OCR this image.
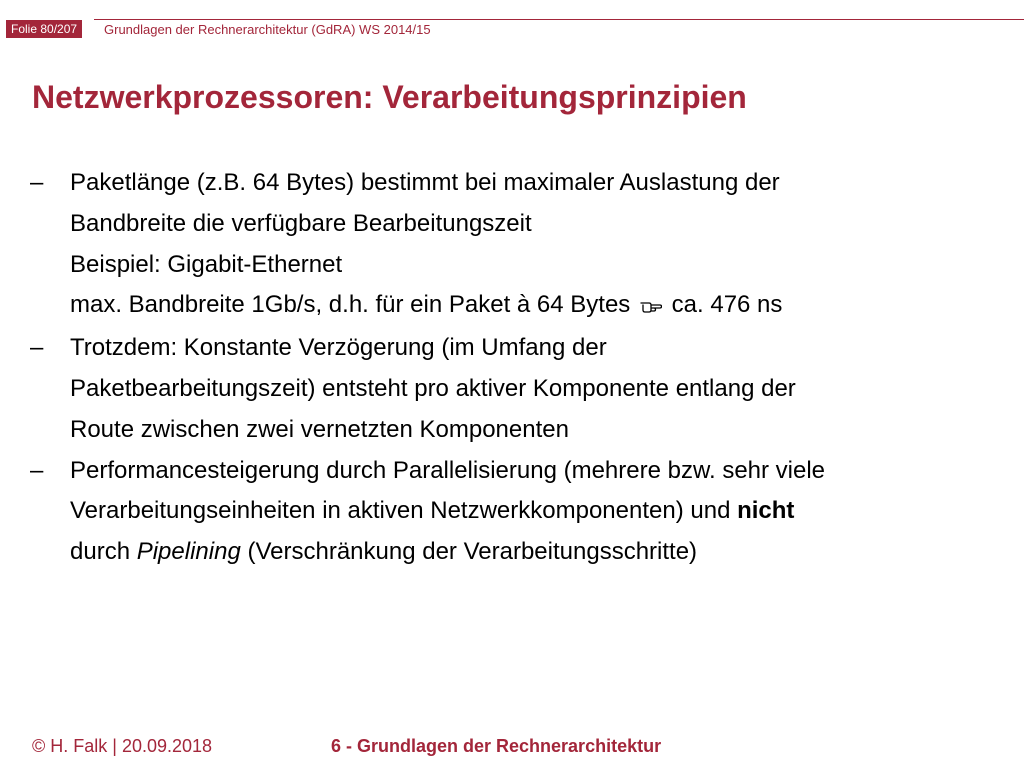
Folie 80/207	Grundlagen der Rechnerarchitektur (GdRA) WS 2014/15
Netzwerkprozessoren: Verarbeitungsprinzipien
– Paketlänge (z.B. 64 Bytes) bestimmt bei maximaler Auslastung der
Bandbreite die verfügbare Bearbeitungszeit
Beispiel: Gigabit-Ethernet
max. Bandbreite 1Gb/s, d.h. für ein Paket à 64 Bytes ca. 476 ns
– Trotzdem: Konstante Verzögerung (im Umfang der
Paketbearbeitungszeit) entsteht pro aktiver Komponente entlang der
Route zwischen zwei vernetzten Komponenten
– Performancesteigerung durch Parallelisierung (mehrere bzw. sehr viele
Verarbeitungseinheiten in aktiven Netzwerkkomponenten) und nicht
durch Pipelining (Verschränkung der Verarbeitungsschritte)
© H. Falk | 20.09.2018	6 - Grundlagen der Rechnerarchitektur
